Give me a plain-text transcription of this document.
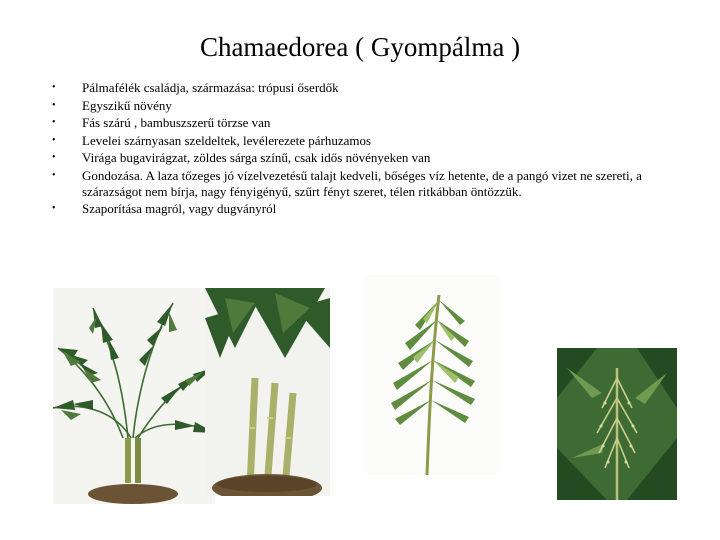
Chamaedorea ( Gyompálma )
• Pálmafélék családja, származása: trópusi őserdők
• Egyszikű növény
• Fás szárú , bambuszszerű törzse van
• Levelei szárnyasan szeldeltek, levélerezete párhuzamos
• Virága bugavirágzat, zöldes sárga színű, csak idős növényeken van
• Gondozása. A laza tőzeges jó vízelvezetésű talajt kedveli, bőséges víz hetente, de a pangó vizet ne szereti, a szárazságot nem bírja, nagy fényigényű, szűrt fényt szeret, télen ritkábban öntözzük.
• Szaporítása magról, vagy dugványról
